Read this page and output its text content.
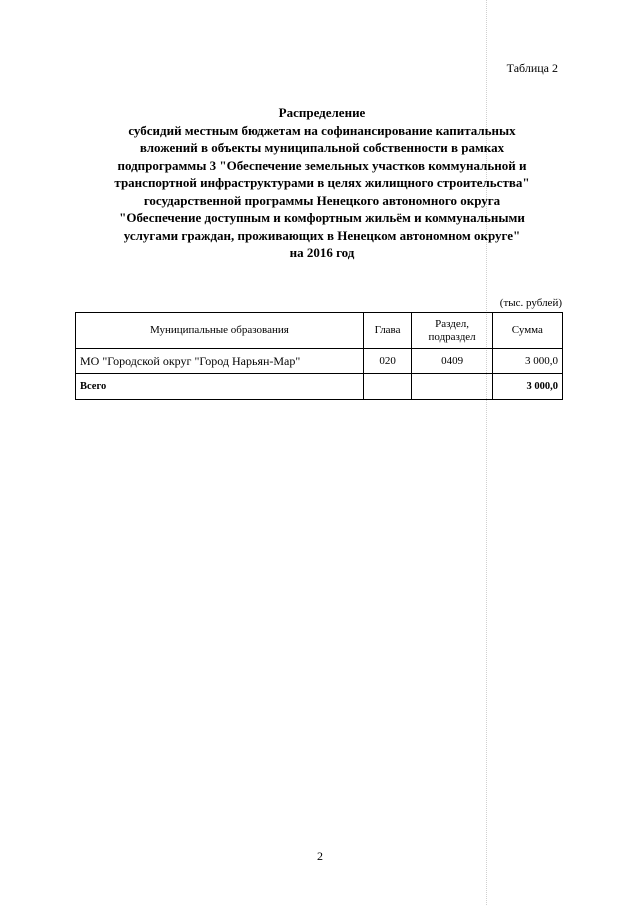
Таблица 2
Распределение
субсидий местным бюджетам на софинансирование капитальных
вложений в объекты муниципальной собственности в рамках
подпрограммы 3 "Обеспечение земельных участков коммунальной и
транспортной инфраструктурами в целях жилищного строительства"
государственной программы Ненецкого автономного округа
"Обеспечение доступным и комфортным жильём и коммунальными
услугами граждан, проживающих в Ненецком автономном округе"
на 2016 год
(тыс. рублей)
Муниципальные образования	Глава	Раздел, подраздел	Сумма
МО "Городской округ "Город Нарьян-Мар"	020	0409	3 000,0
Всего			3 000,0
2
